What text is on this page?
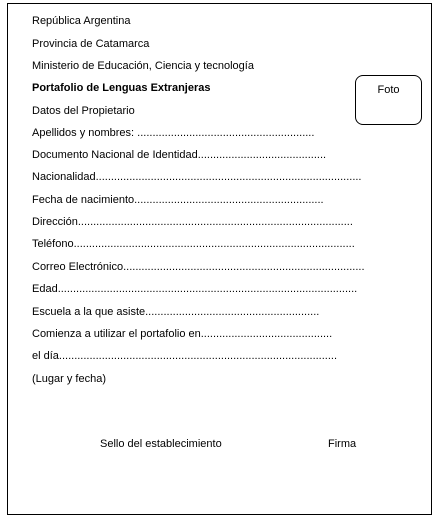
República Argentina
Provincia de Catamarca
Ministerio de Educación, Ciencia y tecnología
Portafolio de Lenguas Extranjeras
Datos del Propietario
Foto
Apellidos y nombres: ..........................................................
Documento Nacional de Identidad..........................................
Nacionalidad.......................................................................................
Fecha de nacimiento..............................................................
Dirección..........................................................................................
Teléfono............................................................................................
Correo Electrónico...............................................................................
Edad..................................................................................................
Escuela a la que asiste.........................................................
Comienza a utilizar el portafolio en...........................................
el día...........................................................................................
(Lugar y fecha)
Sello del establecimiento	Firma
